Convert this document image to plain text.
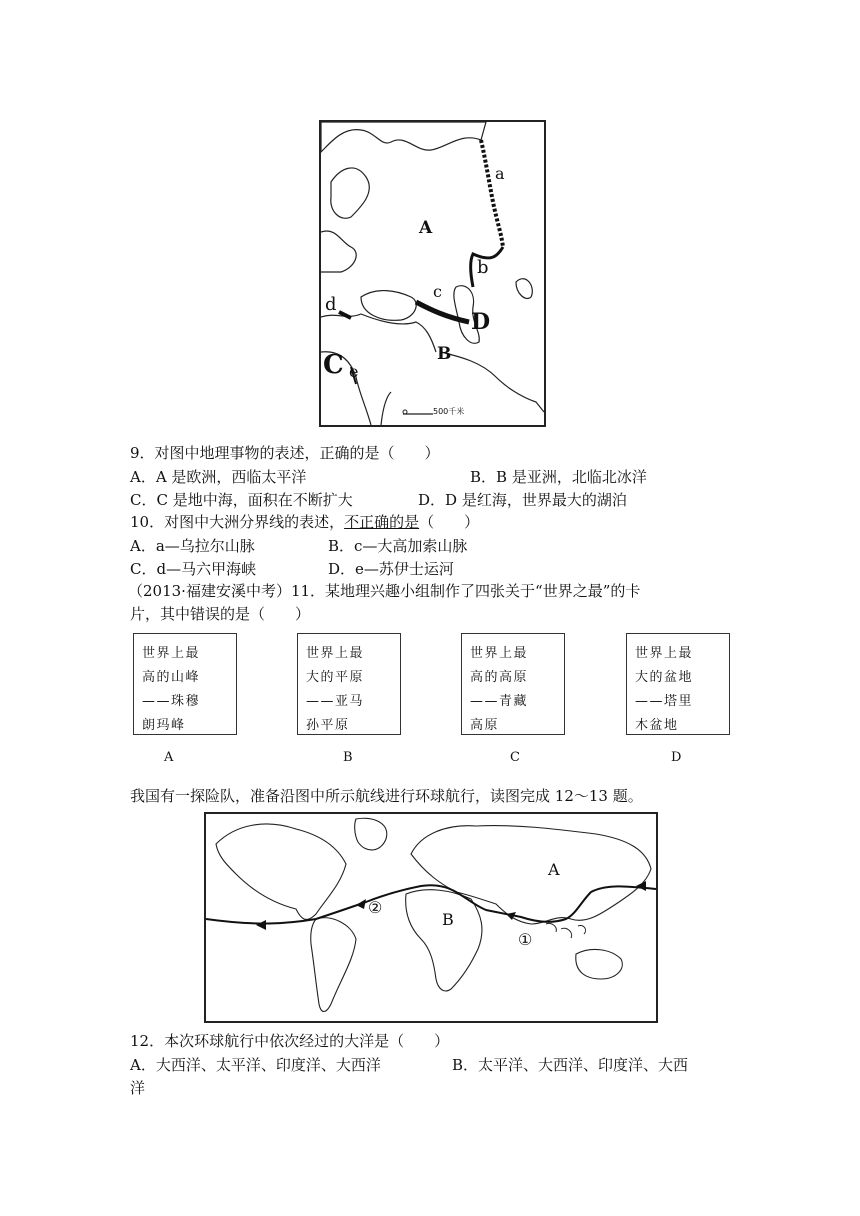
A
B
C
D
a
b
c
d
e
500千米
9．对图中地理事物的表述，正确的是（　　）
A．A 是欧洲，西临太平洋	B．B 是亚洲，北临北冰洋
C．C 是地中海，面积在不断扩大	D．D 是红海，世界最大的湖泊
10．对图中大洲分界线的表述，不正确的是（　　）
A．a—乌拉尔山脉	B．c—大高加索山脉
C．d—马六甲海峡	D．e—苏伊士运河
（2013·福建安溪中考）11．某地理兴趣小组制作了四张关于“世界之最”的卡
片，其中错误的是（　　）
世界上最
高的山峰
——珠穆
朗玛峰
世界上最
大的平原
——亚马
孙平原
世界上最
高的高原
——青藏
高原
世界上最
大的盆地
——塔里
木盆地
A	B	C	D
我国有一探险队，准备沿图中所示航线进行环球航行，读图完成 12～13 题。
A
B
①
②
12．本次环球航行中依次经过的大洋是（　　）
A．大西洋、太平洋、印度洋、大西洋	B．太平洋、大西洋、印度洋、大西
洋
